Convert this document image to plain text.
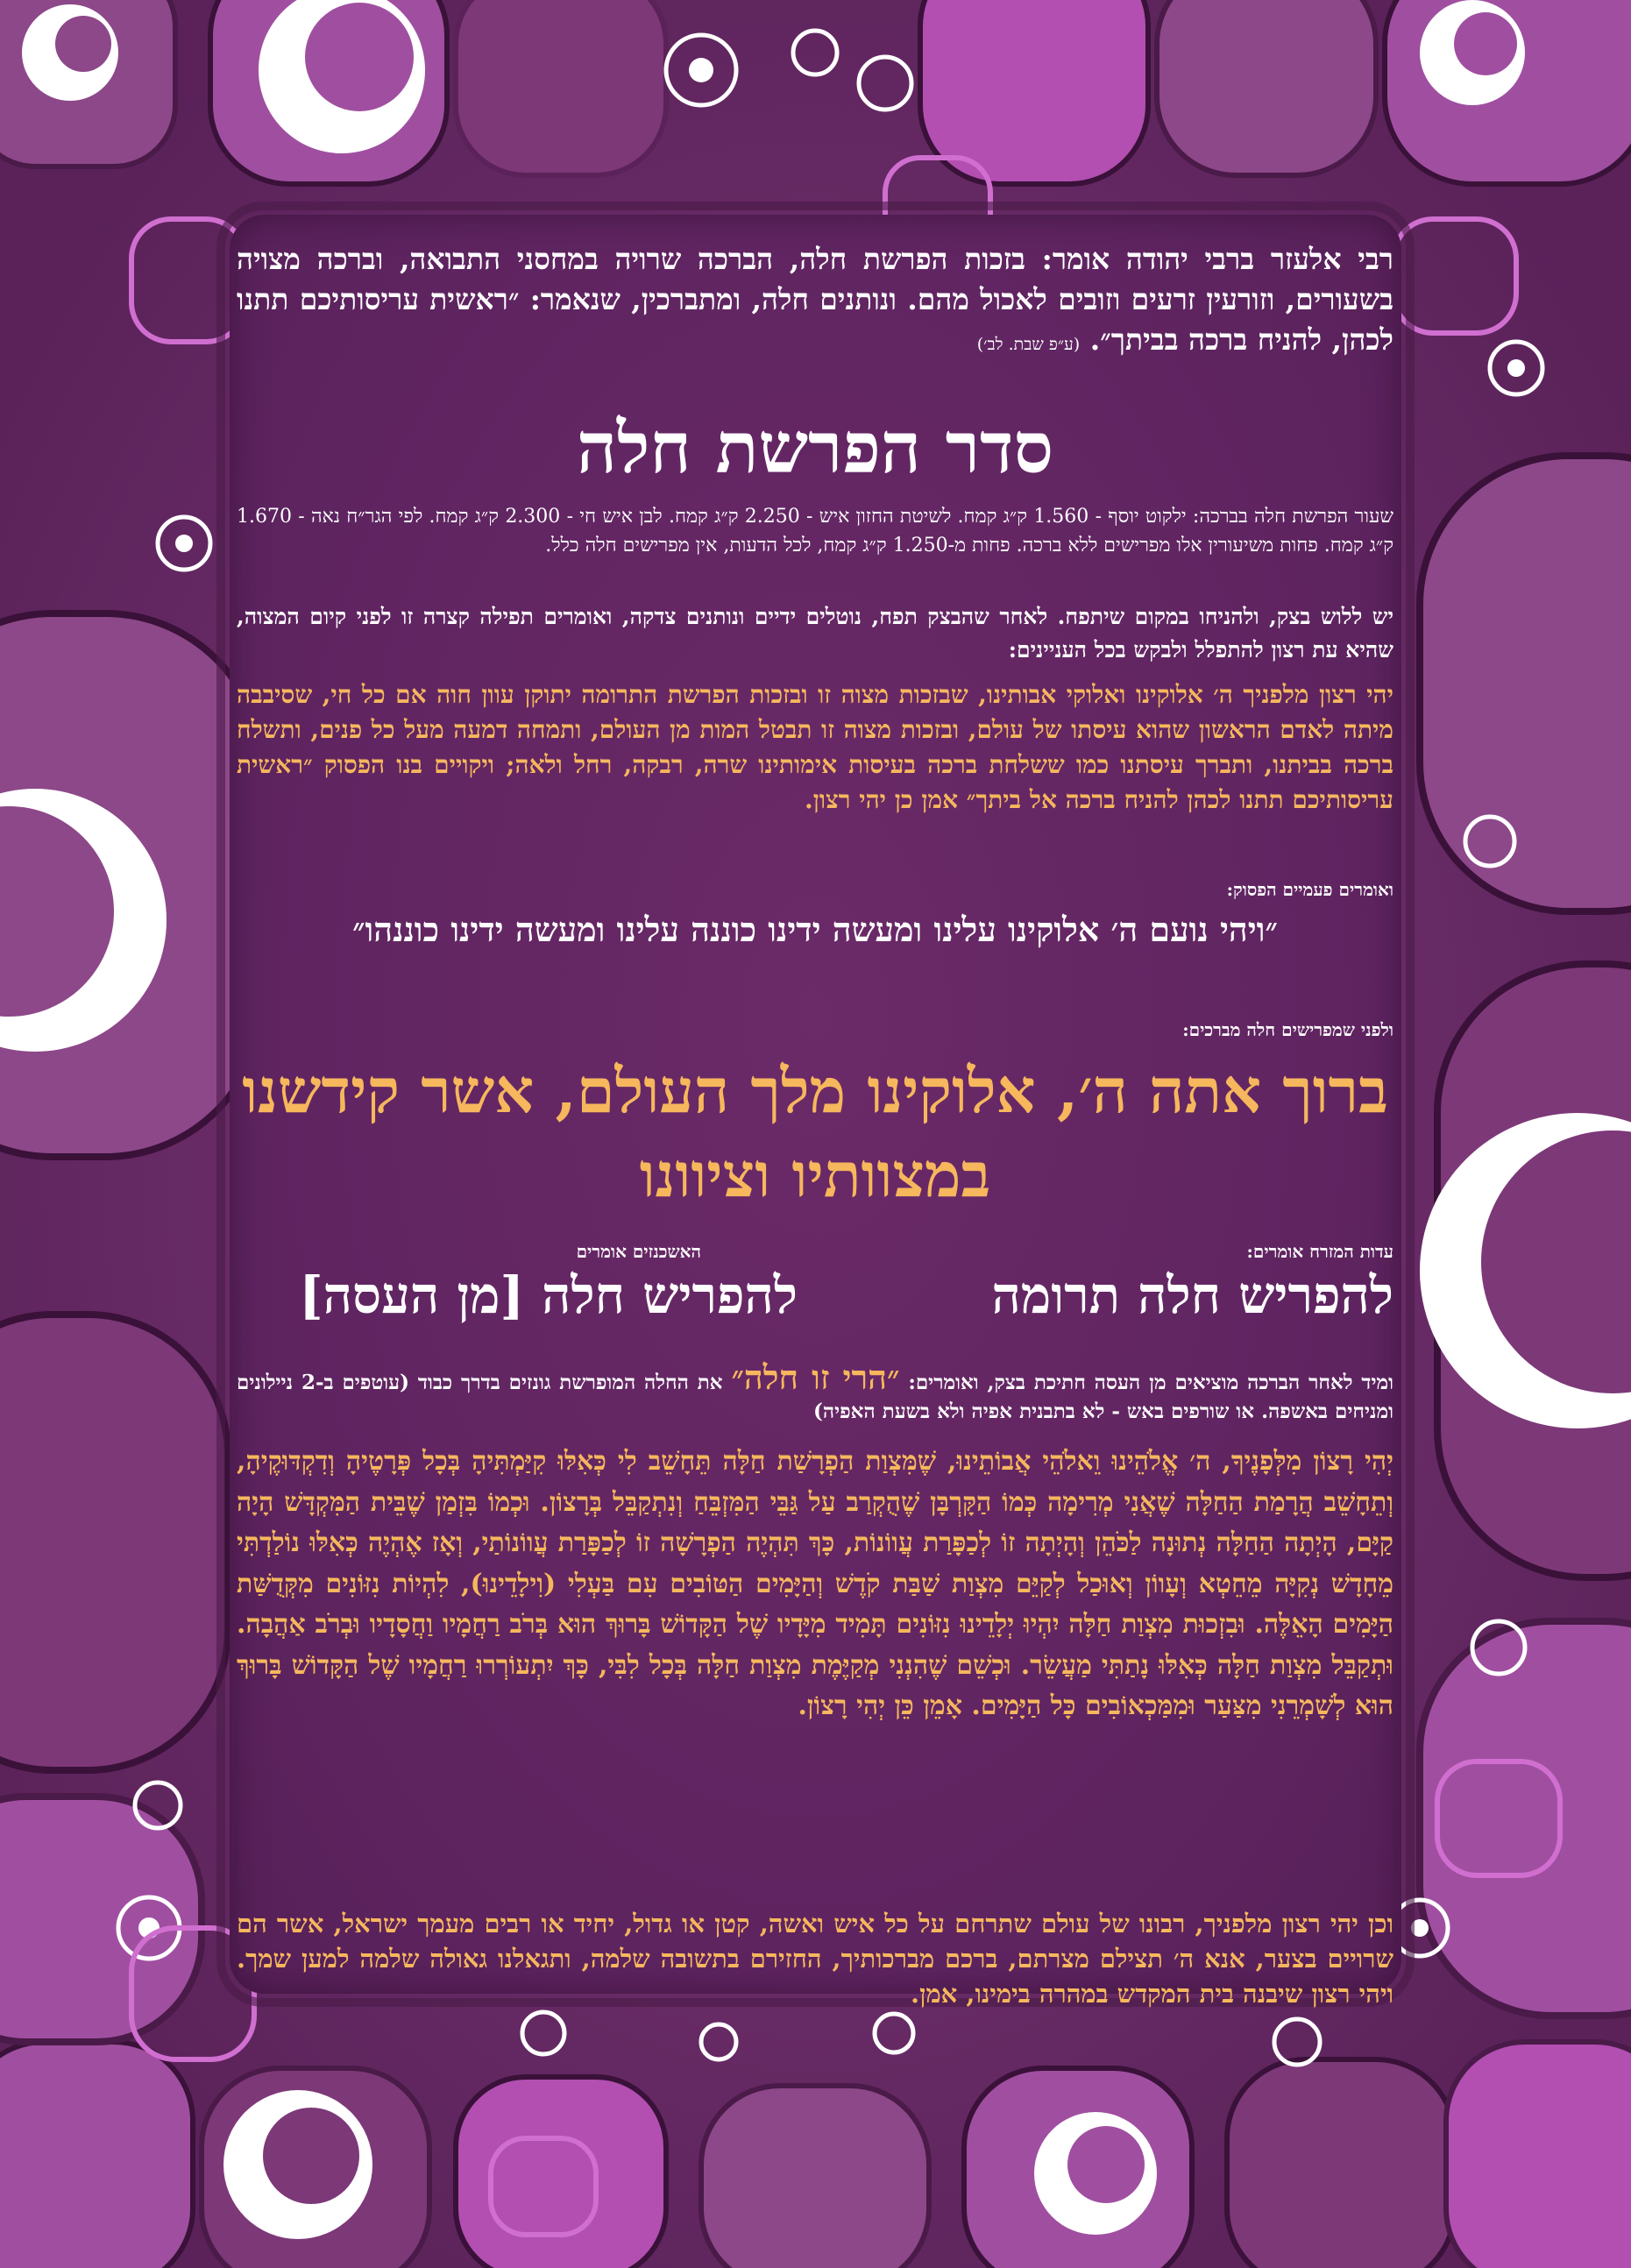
רבי אלעזר ברבי יהודה אומר: בזכות הפרשת חלה, הברכה שרויה במחסני התבואה, וברכה מצויה בשעורים, וזורעין זרעים וזובים לאכול מהם. ונותנים חלה, ומתברכין, שנאמר: ״ראשית עריסותיכם תתנו לכהן, להניח ברכה בביתך״. (ע״פ שבת. לב׳)

סדר הפרשת חלה

שעור הפרשת חלה בברכה: ילקוט יוסף - 1.560 ק״ג קמח. לשיטת החזון איש - 2.250 ק״ג קמח. לבן איש חי - 2.300 ק״ג קמח. לפי הגר״ח נאה - 1.670 ק״ג קמח. פחות משיעורין אלו מפרישים ללא ברכה. פחות מ-1.250 ק״ג קמח, לכל הדעות, אין מפרישים חלה כלל.

יש ללוש בצק, ולהניחו במקום שיתפח. לאחר שהבצק תפח, נוטלים ידיים ונותנים צדקה, ואומרים תפילה קצרה זו לפני קיום המצוה, שהיא עת רצון להתפלל ולבקש בכל העניינים:

יהי רצון מלפניך ה׳ אלוקינו ואלוקי אבותינו, שבזכות מצוה זו ובזכות הפרשת התרומה יתוקן עוון חוה אם כל חי, שסיבבה מיתה לאדם הראשון שהוא עיסתו של עולם, ובזכות מצוה זו תבטל המות מן העולם, ותמחה דמעה מעל כל פנים, ותשלח ברכה בביתנו, ותברך עיסתנו כמו ששלחת ברכה בעיסות אימותינו שרה, רבקה, רחל ולאה; ויקויים בנו הפסוק ״ראשית עריסותיכם תתנו לכהן להניח ברכה אל ביתך״ אמן כן יהי רצון.

ואומרים פעמיים הפסוק:

״ויהי נועם ה׳ אלוקינו עלינו ומעשה ידינו כוננה עלינו ומעשה ידינו כוננהו״

ולפני שמפרישים חלה מברכים:

ברוך אתה ה׳, אלוקינו מלך העולם, אשר קידשנו במצוותיו וציוונו

עדות המזרח אומרים:
להפריש חלה תרומה
האשכנזים אומרים
להפריש חלה [מן העסה]

ומיד לאחר הברכה מוציאים מן העסה חתיכת בצק, ואומרים: ״הרי זו חלה״ את החלה המופרשת גונזים בדרך כבוד (עוטפים ב-2 ניילונים ומניחים באשפה. או שורפים באש - לא בתבנית אפיה ולא בשעת האפיה)

יְהִי רָצוֹן מִלְּפָנֶיךָ, ה׳ אֱלֹהֵינוּ וֵאלֹהֵי אֲבוֹתֵינוּ, שֶׁמִּצְוַת הַפְרָשַׁת חַלָּה תֵּחָשֵׁב לִי כְּאִלּוּ קִיַּמְתִּיהָ בְּכָל פְּרָטֶיהָ וְדִקְדּוּקֶיהָ, וְתֵחָשֵׁב הֲרָמַת הַחַלָּה שֶׁאֲנִי מְרִימָה כְּמוֹ הַקָּרְבָּן שֶׁהֻקְרַב עַל גַּבֵּי הַמִּזְבֵּחַ וְנִתְקַבֵּל בְּרָצוֹן. וּכְמוֹ בִּזְמַן שֶׁבֵּית הַמִּקְדָּשׁ הָיָה קַיָּם, הָיְתָה הַחַלָּה נְתוּנָה לַכֹּהֵן וְהָיְתָה זוֹ לְכַפָּרַת עֲווֹנוֹת, כָּךְ תִּהְיֶה הַפְרָשָׁה זוֹ לְכַפָּרַת עֲווֹנוֹתַי, וְאָז אֶהְיֶה כְּאִלּוּ נוֹלַדְתִּי מֵחָדָשׁ נְקִיָּה מֵחֵטְא וְעָווֹן וְאוּכַל לְקַיֵּם מִצְוַת שַׁבַּת קֹדֶשׁ וְהַיָּמִים הַטּוֹבִים עִם בַּעְלִי (וִילָדֵינוּ), לִהְיוֹת נִזּוֹנִים מִקְּדֻשַּׁת הַיָּמִים הָאֵלֶּה. וּבִזְכוּת מִצְוַת חַלָּה יִהְיוּ יְלָדֵינוּ נִזּוֹנִים תָּמִיד מִיָּדָיו שֶׁל הַקָּדוֹשׁ בָּרוּךְ הוּא בְּרֹב רַחֲמָיו וַחֲסָדָיו וּבְרֹב אַהֲבָה. וּתְקַבֵּל מִצְוַת חַלָּה כְּאִלּוּ נָתַתִּי מַעֲשֵׂר. וּכְשֵׁם שֶׁהִנְנִי מְקַיֶּמֶת מִצְוַת חַלָּה בְּכָל לִבִּי, כָּךְ יִתְעוֹרְרוּ רַחֲמָיו שֶׁל הַקָּדוֹשׁ בָּרוּךְ הוּא לְשָׁמְרֵנִי מִצַּעַר וּמִמַּכְאוֹבִים כָּל הַיָּמִים. אָמֵן כֵּן יְהִי רָצוֹן.

וכן יהי רצון מלפניך, רבונו של עולם שתרחם על כל איש ואשה, קטן או גדול, יחיד או רבים מעמך ישראל, אשר הם שרויים בצער, אנא ה׳ תצילם מצרתם, ברכם מברכותיך, החזירם בתשובה שלמה, ותגאלנו גאולה שלמה למען שמך. ויהי רצון שיבנה בית המקדש במהרה בימינו, אמן.
